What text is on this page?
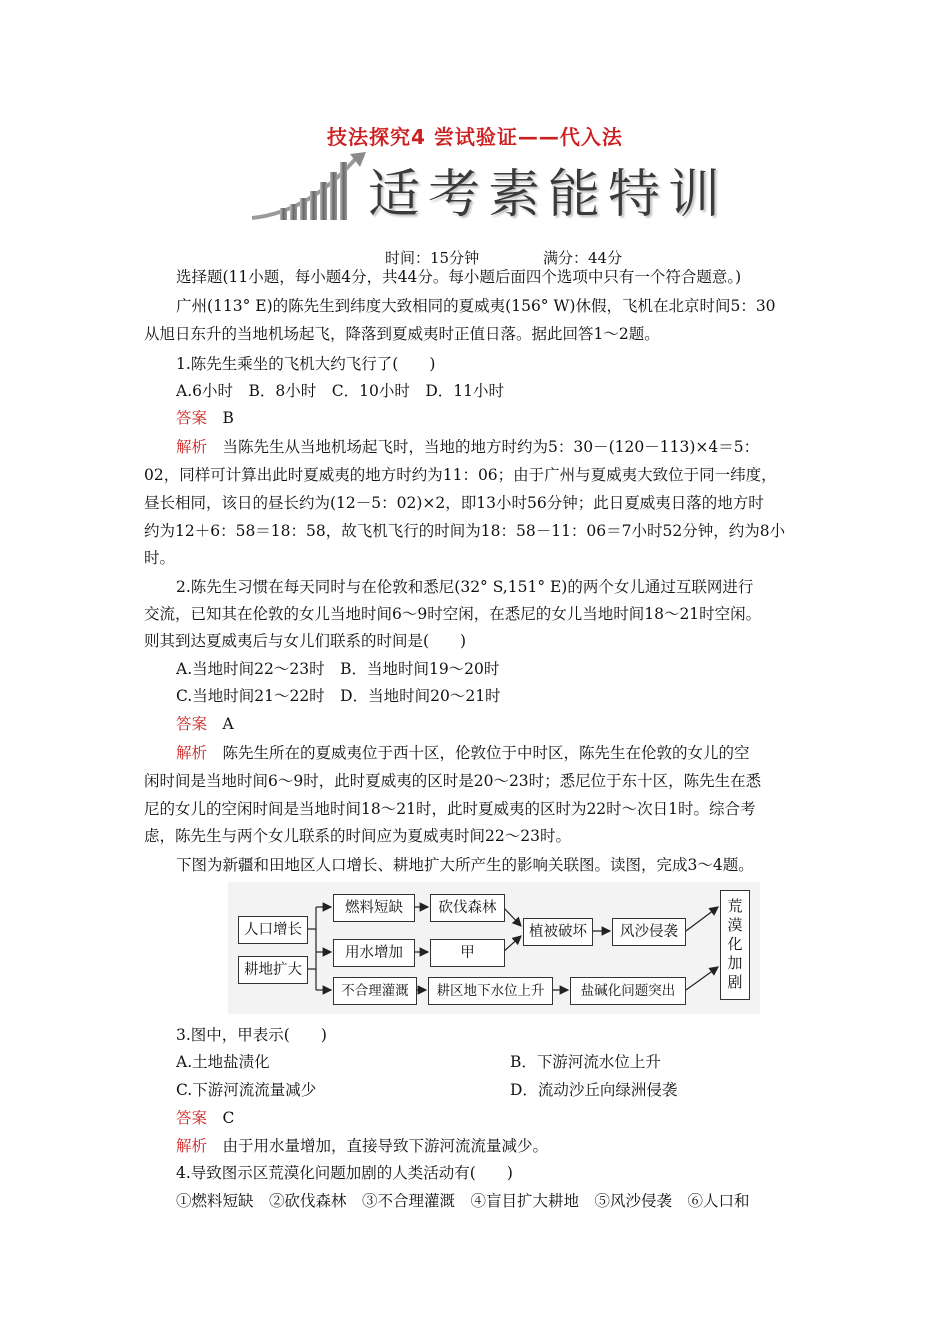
技法探究4 尝试验证——代入法
适考素能特训
时间：15分钟	满分：44分
选择题(11小题，每小题4分，共44分。每小题后面四个选项中只有一个符合题意。)
广州(113° E)的陈先生到纬度大致相同的夏威夷(156° W)休假，飞机在北京时间5：30
从旭日东升的当地机场起飞，降落到夏威夷时正值日落。据此回答1～2题。
1.陈先生乘坐的飞机大约飞行了(　　)
A.6小时　B．8小时　C．10小时　D．11小时
答案　 B
解析　 当陈先生从当地机场起飞时，当地的地方时约为5：30－(120－113)×4＝5：
02，同样可计算出此时夏威夷的地方时约为11：06；由于广州与夏威夷大致位于同一纬度，
昼长相同，该日的昼长约为(12－5：02)×2，即13小时56分钟；此日夏威夷日落的地方时
约为12＋6：58＝18：58，故飞机飞行的时间为18：58－11：06＝7小时52分钟，约为8小
时。
2.陈先生习惯在每天同时与在伦敦和悉尼(32° S,151° E)的两个女儿通过互联网进行
交流，已知其在伦敦的女儿当地时间6～9时空闲，在悉尼的女儿当地时间18～21时空闲。
则其到达夏威夷后与女儿们联系的时间是(　　)
A.当地时间22～23时　B．当地时间19～20时
C.当地时间21～22时　D．当地时间20～21时
答案　 A
解析　 陈先生所在的夏威夷位于西十区，伦敦位于中时区，陈先生在伦敦的女儿的空
闲时间是当地时间6～9时，此时夏威夷的区时是20～23时；悉尼位于东十区，陈先生在悉
尼的女儿的空闲时间是当地时间18～21时，此时夏威夷的区时为22时～次日1时。综合考
虑，陈先生与两个女儿联系的时间应为夏威夷时间22～23时。
下图为新疆和田地区人口增长、耕地扩大所产生的影响关联图。读图，完成3～4题。
人口增长
耕地扩大
燃料短缺
用水增加
不合理灌溉
砍伐森林
甲
耕区地下水位上升
植被破坏	风沙侵袭
盐碱化问题突出
荒
漠
化
加
剧
3.图中，甲表示(　　)
A.土地盐渍化	B．下游河流水位上升
C.下游河流流量减少	D．流动沙丘向绿洲侵袭
答案　 C
解析　 由于用水量增加，直接导致下游河流流量减少。
4.导致图示区荒漠化问题加剧的人类活动有(　　)
①燃料短缺　②砍伐森林　③不合理灌溉　④盲目扩大耕地　⑤风沙侵袭　⑥人口和
